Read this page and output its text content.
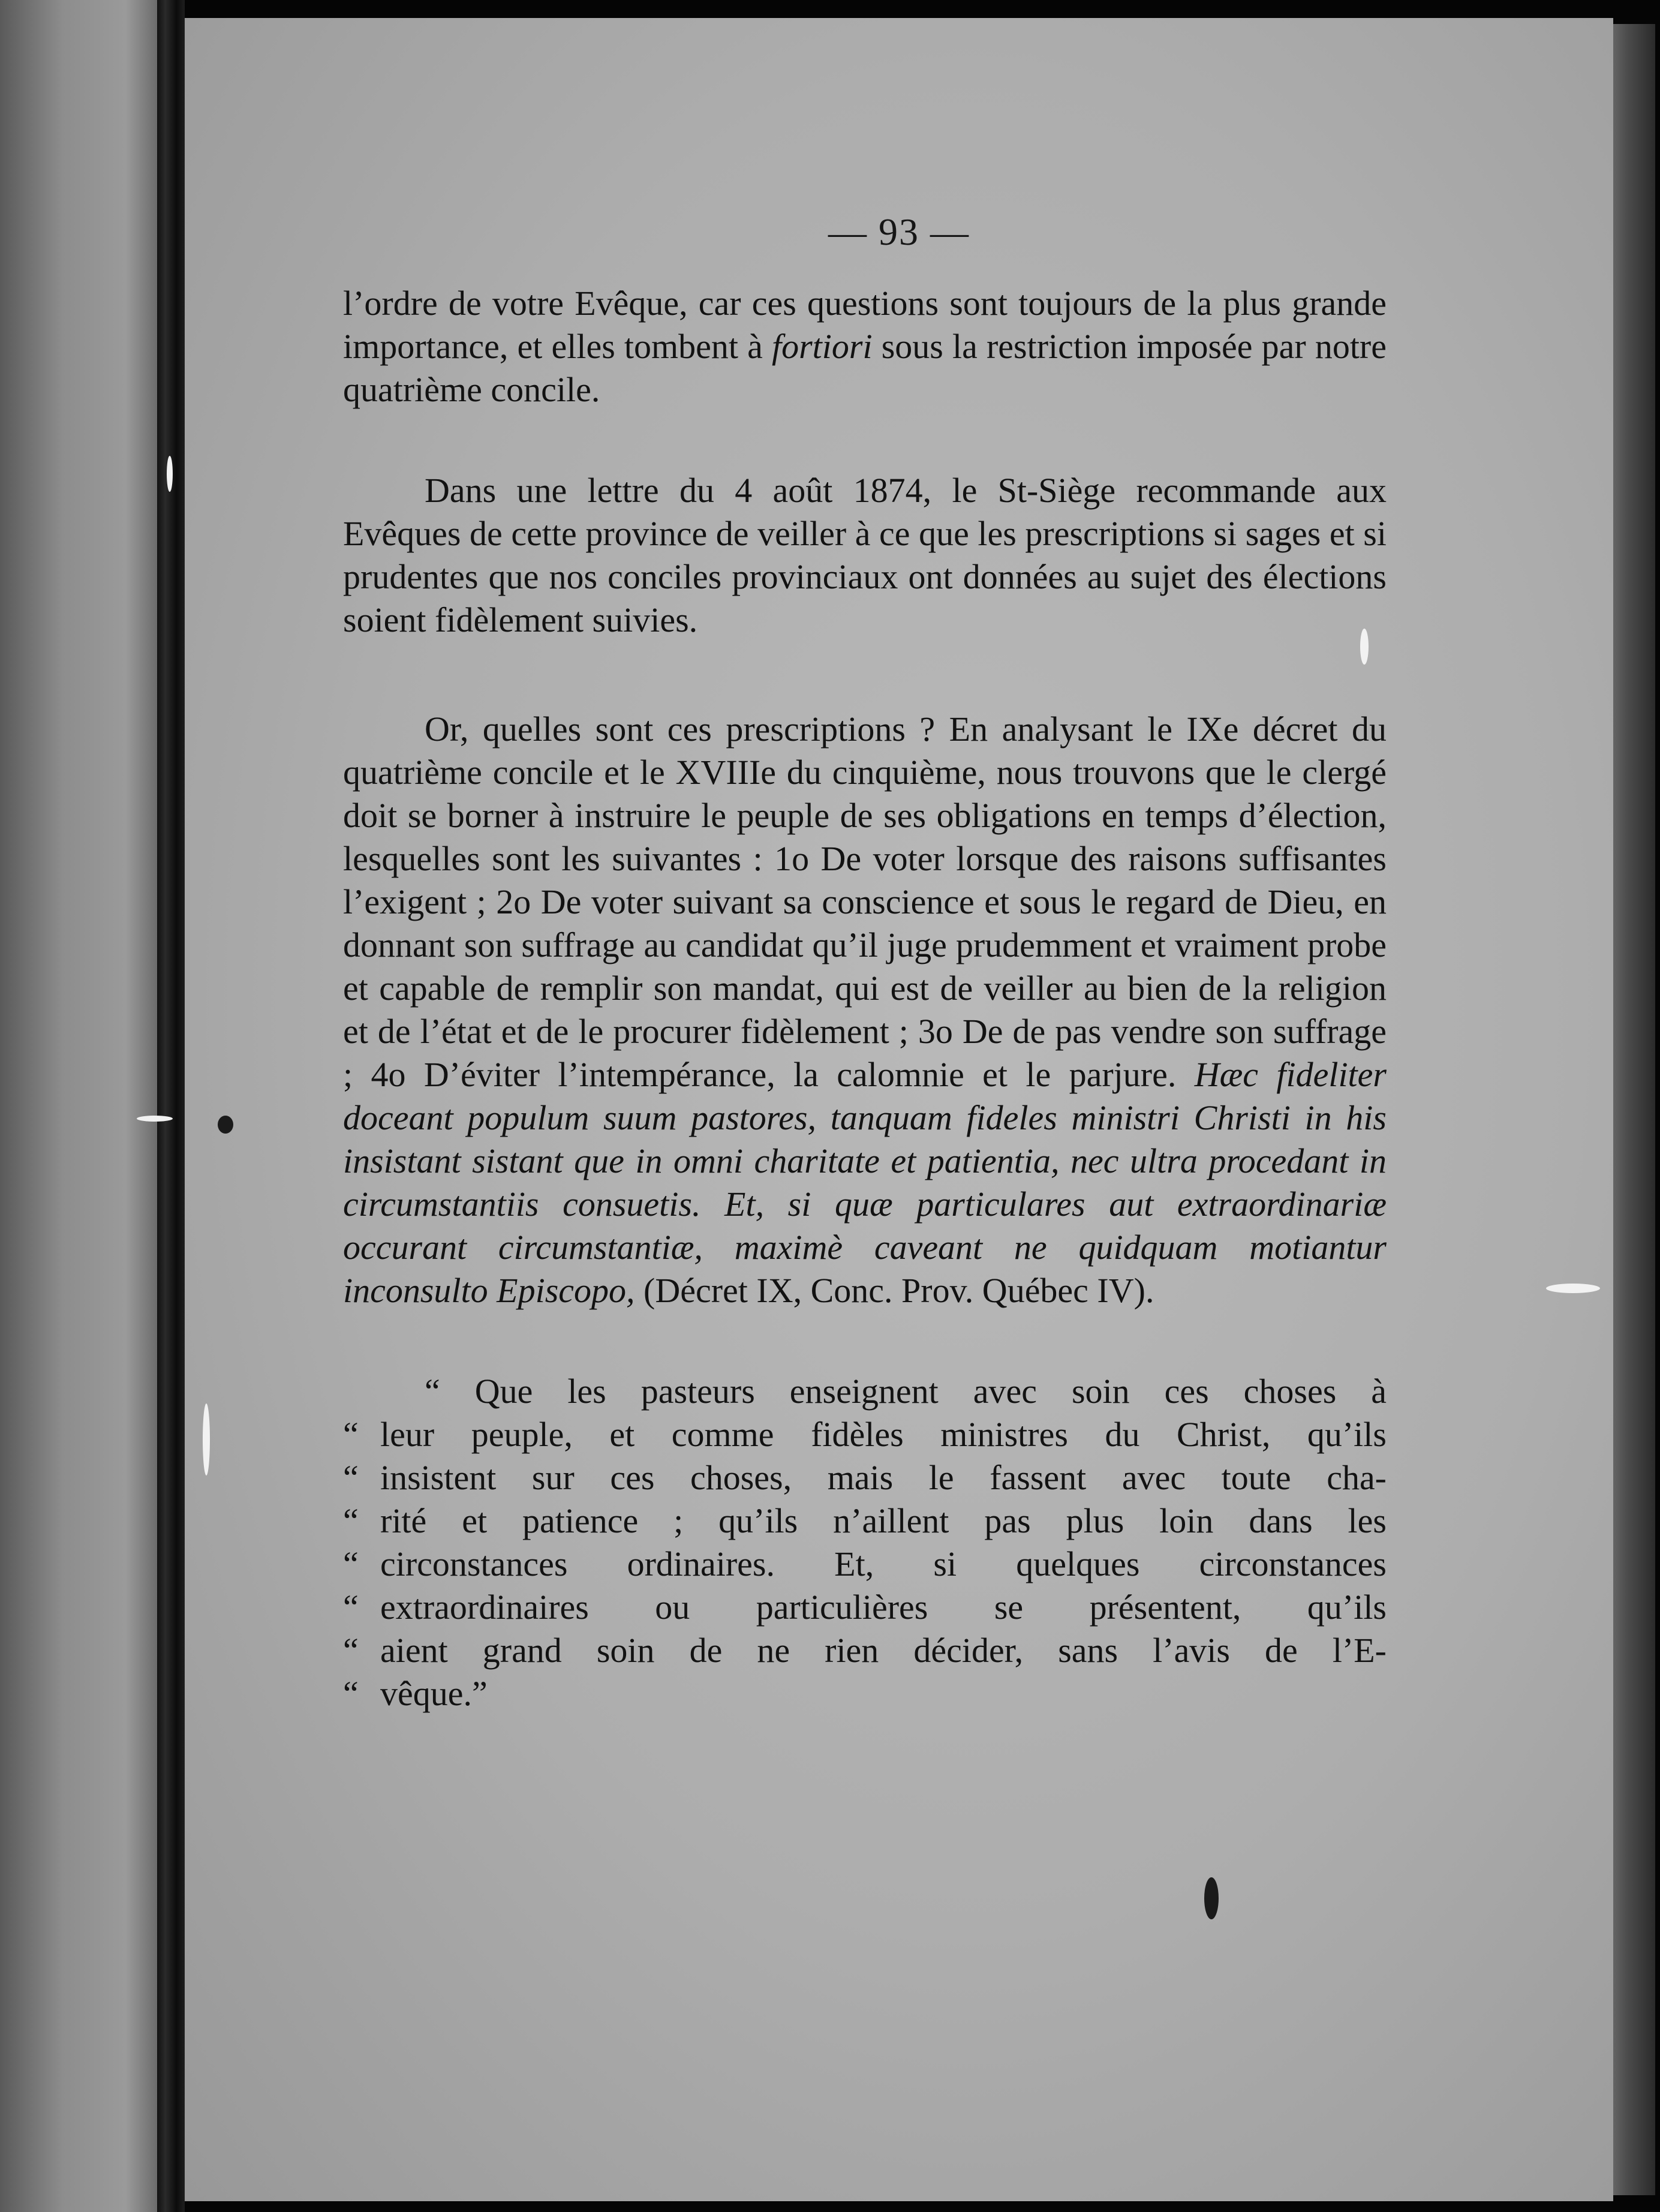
— 93 —

l’ordre de votre Evêque, car ces questions sont toujours de la plus grande importance, et elles tombent à fortiori sous la restriction imposée par notre quatrième concile.

Dans une lettre du 4 août 1874, le St-Siège recommande aux Evêques de cette province de veiller à ce que les prescriptions si sages et si prudentes que nos conciles provinciaux ont données au sujet des élections soient fidèlement suivies.

Or, quelles sont ces prescriptions ? En analysant le IXe décret du quatrième concile et le XVIIIe du cinquième, nous trouvons que le clergé doit se borner à instruire le peuple de ses obligations en temps d’élection, lesquelles sont les suivantes : 1o De voter lorsque des raisons suffisantes l’exigent ; 2o De voter suivant sa conscience et sous le regard de Dieu, en donnant son suffrage au candidat qu’il juge prudemment et vraiment probe et capable de remplir son mandat, qui est de veiller au bien de la religion et de l’état et de le procurer fidèlement ; 3o De de pas vendre son suffrage ; 4o D’éviter l’intempérance, la calomnie et le parjure. Hæc fideliter doceant populum suum pastores, tanquam fideles ministri Christi in his insistant sistant que in omni charitate et patientia, nec ultra procedant in circumstantiis consuetis. Et, si quæ particulares aut extraordinariæ occurant circumstantiæ, maximè caveant ne quidquam motiantur inconsulto Episcopo, (Décret IX, Conc. Prov. Québec IV).

“ Que les pasteurs enseignent avec soin ces choses à

“ leur peuple, et comme fidèles ministres du Christ, qu’ils

“ insistent sur ces choses, mais le fassent avec toute cha-

“ rité et patience ; qu’ils n’aillent pas plus loin dans les

“ circonstances ordinaires. Et, si quelques circonstances

“ extraordinaires ou particulières se présentent, qu’ils

“ aient grand soin de ne rien décider, sans l’avis de l’E-

“ vêque.”
